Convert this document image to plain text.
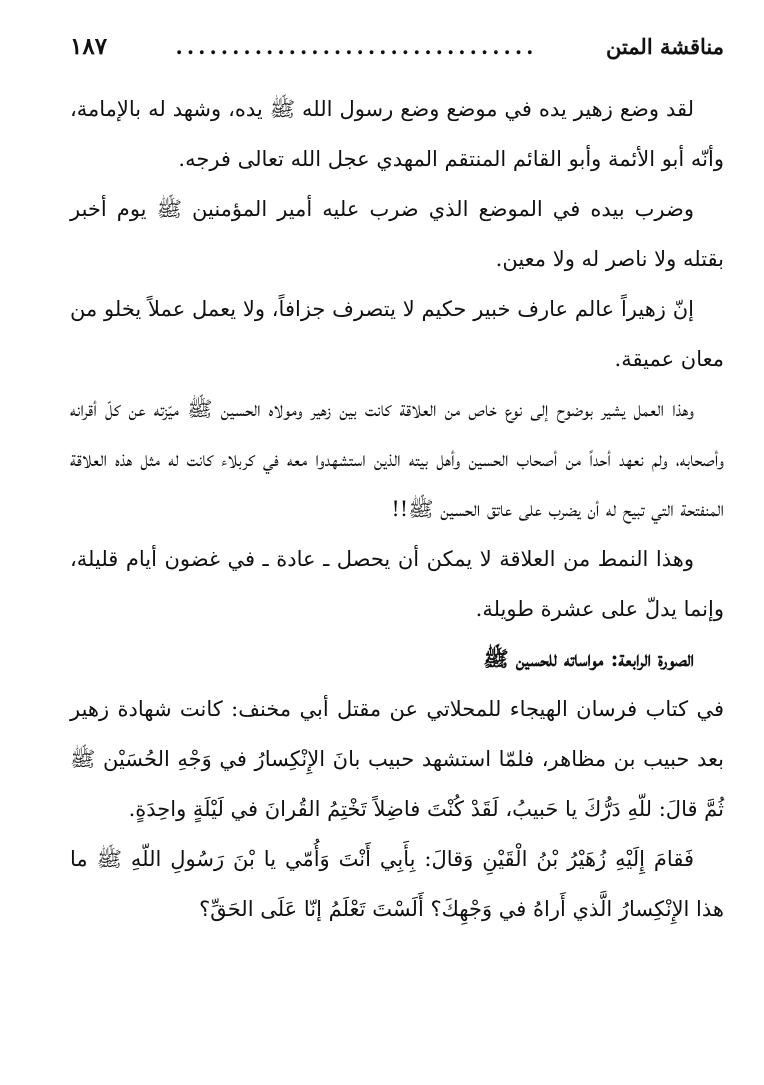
مناقشة المتن
................................
١٨٧

لقد وضع زهير يده في موضع وضع رسول الله ﷺ يده، وشهد له بالإمامة، وأنّه أبو الأئمة وأبو القائم المنتقم المهدي عجل الله تعالى فرجه.

وضرب بيده في الموضع الذي ضرب عليه أمير المؤمنين ﷺ يوم أخبر بقتله ولا ناصر له ولا معين.

إنّ زهيراً عالم عارف خبير حكيم لا يتصرف جزافاً، ولا يعمل عملاً يخلو من معان عميقة.

وهذا العمل يشير بوضوح إلى نوع خاص من العلاقة كانت بين زهير ومولاه الحسين ﷺ ميّزته عن كلّ أقرانه وأصحابه، ولم نعهد أحداً من أصحاب الحسين وأهل بيته الذين استشهدوا معه في كربلاء كانت له مثل هذه العلاقة المنفتحة التي تبيح له أن يضرب على عاتق الحسين ﷺ!!

وهذا النمط من العلاقة لا يمكن أن يحصل ـ عادة ـ في غضون أيام قليلة، وإنما يدلّ على عشرة طويلة.

الصورة الرابعة: مواساته للحسين ﷺ

في كتاب فرسان الهيجاء للمحلاتي عن مقتل أبي مخنف: كانت شهادة زهير بعد حبيب بن مظاهر، فلمّا استشهد حبيب بانَ الإِنْكِسارُ في وَجْهِ الحُسَيْن ﷺ ثُمَّ قالَ: للّهِ دَرُّكَ يا حَبيبُ، لَقَدْ كُنْتَ فاضِلاً تَخْتِمُ القُرانَ في لَيْلَةٍ واحِدَةٍ.

فَقامَ إِلَيْهِ زُهَيْرُ بْنُ الْقَيْنِ وَقالَ: بِأَبِي أَنْتَ وَأُمّي يا بْنَ رَسُولِ اللّهِ ﷺ ما هذا الإِنْكِسارُ الَّذي أَراهُ في وَجْهِكَ؟ أَلَسْتَ تَعْلَمُ إنّا عَلَى الحَقِّ؟
